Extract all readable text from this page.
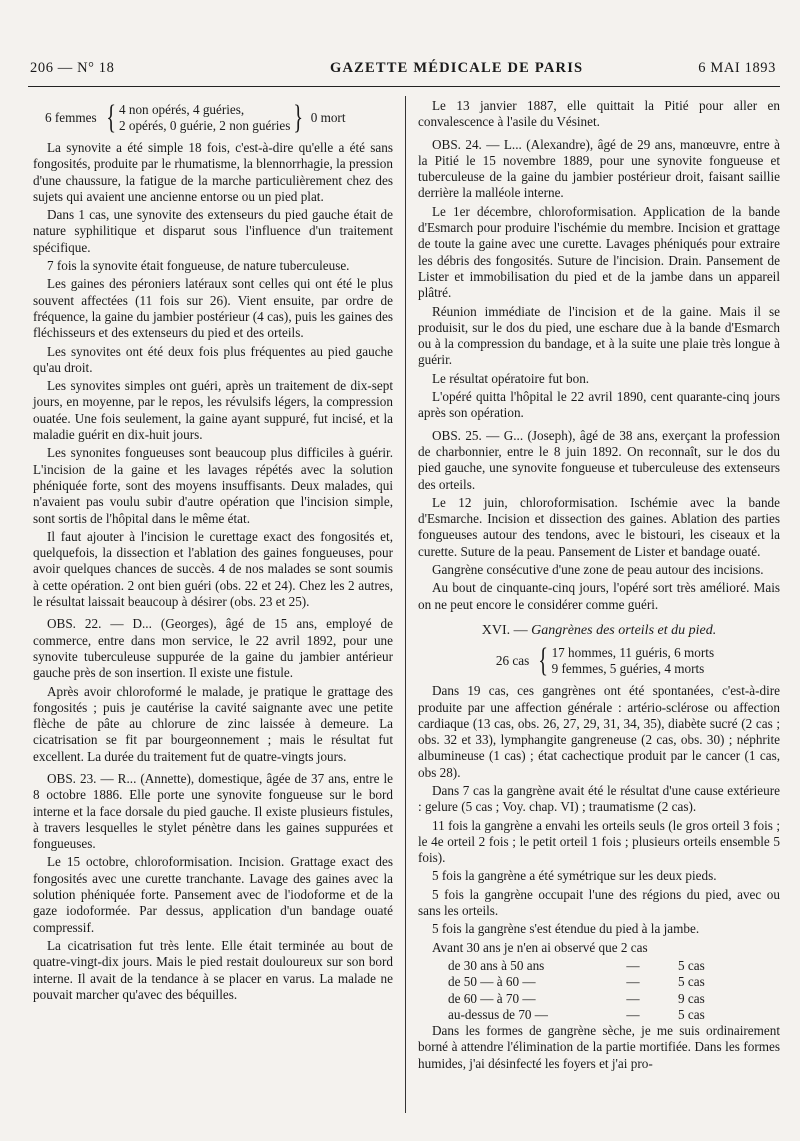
206 — N° 18	GAZETTE MÉDICALE DE PARIS	6 MAI 1893
6 femmes { 4 non opérés, 4 guéries,
2 opérés, 0 guérie, 2 non guéries } 0 mort

La synovite a été simple 18 fois, c'est-à-dire qu'elle a été sans fongosités, produite par le rhumatisme, la blennorrhagie, la pression d'une chaussure, la fatigue de la marche particulièrement chez des sujets qui avaient une ancienne entorse ou un pied plat.

Dans 1 cas, une synovite des extenseurs du pied gauche était de nature syphilitique et disparut sous l'influence d'un traitement spécifique.

7 fois la synovite était fongueuse, de nature tuberculeuse.

Les gaines des péroniers latéraux sont celles qui ont été le plus souvent affectées (11 fois sur 26). Vient ensuite, par ordre de fréquence, la gaine du jambier postérieur (4 cas), puis les gaines des fléchisseurs et des extenseurs du pied et des orteils.

Les synovites ont été deux fois plus fréquentes au pied gauche qu'au droit.

Les synovites simples ont guéri, après un traitement de dix-sept jours, en moyenne, par le repos, les révulsifs légers, la compression ouatée. Une fois seulement, la gaine ayant suppuré, fut incisé, et la maladie guérit en dix-huit jours.

Les synonites fongueuses sont beaucoup plus difficiles à guérir. L'incision de la gaine et les lavages répétés avec la solution phéniquée forte, sont des moyens insuffisants. Deux malades, qui n'avaient pas voulu subir d'autre opération que l'incision simple, sont sortis de l'hôpital dans le même état.

Il faut ajouter à l'incision le curettage exact des fongosités et, quelquefois, la dissection et l'ablation des gaines fongueuses, pour avoir quelques chances de succès. 4 de nos malades se sont soumis à cette opération. 2 ont bien guéri (obs. 22 et 24). Chez les 2 autres, le résultat laissait beaucoup à désirer (obs. 23 et 25).

OBS. 22. — D... (Georges), âgé de 15 ans, employé de commerce, entre dans mon service, le 22 avril 1892, pour une synovite tuberculeuse suppurée de la gaine du jambier antérieur gauche près de son insertion. Il existe une fistule.

Après avoir chloroformé le malade, je pratique le grattage des fongosités ; puis je cautérise la cavité saignante avec une petite flèche de pâte au chlorure de zinc laissée à demeure. La cicatrisation se fit par bourgeonnement ; mais le résultat fut excellent. La durée du traitement fut de quatre-vingts jours.

OBS. 23. — R... (Annette), domestique, âgée de 37 ans, entre le 8 octobre 1886. Elle porte une synovite fongueuse sur le bord interne et la face dorsale du pied gauche. Il existe plusieurs fistules, à travers lesquelles le stylet pénètre dans les gaines suppurées et fongueuses.

Le 15 octobre, chloroformisation. Incision. Grattage exact des fongosités avec une curette tranchante. Lavage des gaines avec la solution phéniquée forte. Pansement avec de l'iodoforme et de la gaze iodoformée. Par dessus, application d'un bandage ouaté compressif.

La cicatrisation fut très lente. Elle était terminée au bout de quatre-vingt-dix jours. Mais le pied restait douloureux sur son bord interne. Il avait de la tendance à se placer en varus. La malade ne pouvait marcher qu'avec des béquilles.

Le 13 janvier 1887, elle quittait la Pitié pour aller en convalescence à l'asile du Vésinet.

OBS. 24. — L... (Alexandre), âgé de 29 ans, manœuvre, entre à la Pitié le 15 novembre 1889, pour une synovite fongueuse et tuberculeuse de la gaine du jambier postérieur droit, faisant saillie derrière la malléole interne.

Le 1er décembre, chloroformisation. Application de la bande d'Esmarch pour produire l'ischémie du membre. Incision et grattage de toute la gaine avec une curette. Lavages phéniqués pour extraire les débris des fongosités. Suture de l'incision. Drain. Pansement de Lister et immobilisation du pied et de la jambe dans un appareil plâtré.

Réunion immédiate de l'incision et de la gaine. Mais il se produisit, sur le dos du pied, une eschare due à la bande d'Esmarch ou à la compression du bandage, et à la suite une plaie très longue à guérir.

Le résultat opératoire fut bon.

L'opéré quitta l'hôpital le 22 avril 1890, cent quarante-cinq jours après son opération.

OBS. 25. — G... (Joseph), âgé de 38 ans, exerçant la profession de charbonnier, entre le 8 juin 1892. On reconnaît, sur le dos du pied gauche, une synovite fongueuse et tuberculeuse des extenseurs des orteils.

Le 12 juin, chloroformisation. Ischémie avec la bande d'Esmarche. Incision et dissection des gaines. Ablation des parties fongueuses autour des tendons, avec le bistouri, les ciseaux et la curette. Suture de la peau. Pansement de Lister et bandage ouaté.

Gangrène consécutive d'une zone de peau autour des incisions.

Au bout de cinquante-cinq jours, l'opéré sort très amélioré. Mais on ne peut encore le considérer comme guéri.

XVI. — Gangrènes des orteils et du pied.
26 cas { 17 hommes, 11 guéris, 6 morts
9 femmes, 5 guéries, 4 morts

Dans 19 cas, ces gangrènes ont été spontanées, c'est-à-dire produite par une affection générale : artério-sclérose ou affection cardiaque (13 cas, obs. 26, 27, 29, 31, 34, 35), diabète sucré (2 cas ; obs. 32 et 33), lymphangite gangreneuse (2 cas, obs. 30) ; néphrite albumineuse (1 cas) ; état cachectique produit par le cancer (1 cas, obs 28).

Dans 7 cas la gangrène avait été le résultat d'une cause extérieure : gelure (5 cas ; Voy. chap. VI) ; traumatisme (2 cas).

11 fois la gangrène a envahi les orteils seuls (le gros orteil 3 fois ; le 4e orteil 2 fois ; le petit orteil 1 fois ; plusieurs orteils ensemble 5 fois).

5 fois la gangrène a été symétrique sur les deux pieds.

5 fois la gangrène occupait l'une des régions du pied, avec ou sans les orteils.

5 fois la gangrène s'est étendue du pied à la jambe.

Avant 30 ans je n'en ai observé que 2 cas

de 30 ans à 50 ans	—	5 cas
de 50 — à 60 —	—	5 cas
de 60 — à 70 —	—	9 cas
au-dessus de 70 —	—	5 cas

Dans les formes de gangrène sèche, je me suis ordinairement borné à attendre l'élimination de la partie mortifiée. Dans les formes humides, j'ai désinfecté les foyers et j'ai pro-
